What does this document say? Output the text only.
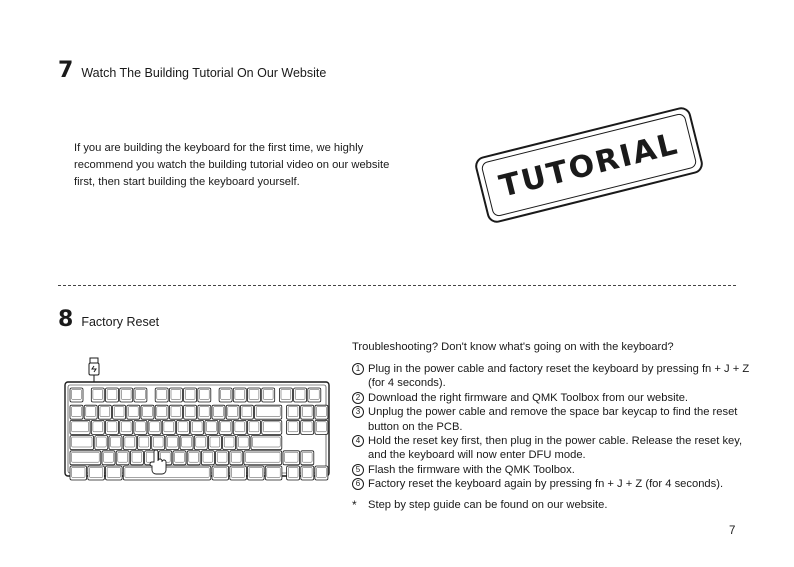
7 Watch The Building Tutorial On Our Website

If you are building the keyboard for the first time, we highly recommend you watch the building tutorial video on our website first, then start building the keyboard yourself.	TUTORIAL
8 Factory Reset

Troubleshooting? Don't know what's going on with the keyboard?

1 Plug in the power cable and factory reset the keyboard by pressing fn + J + Z (for 4 seconds).
2 Download the right firmware and QMK Toolbox from our website.
3 Unplug the power cable and remove the space bar keycap to find the reset button on the PCB.
4 Hold the reset key first, then plug in the power cable. Release the reset key, and the keyboard will now enter DFU mode.
5 Flash the firmware with the QMK Toolbox.
6 Factory reset the keyboard again by pressing fn + J + Z (for 4 seconds).
*	Step by step guide can be found on our website.
7
